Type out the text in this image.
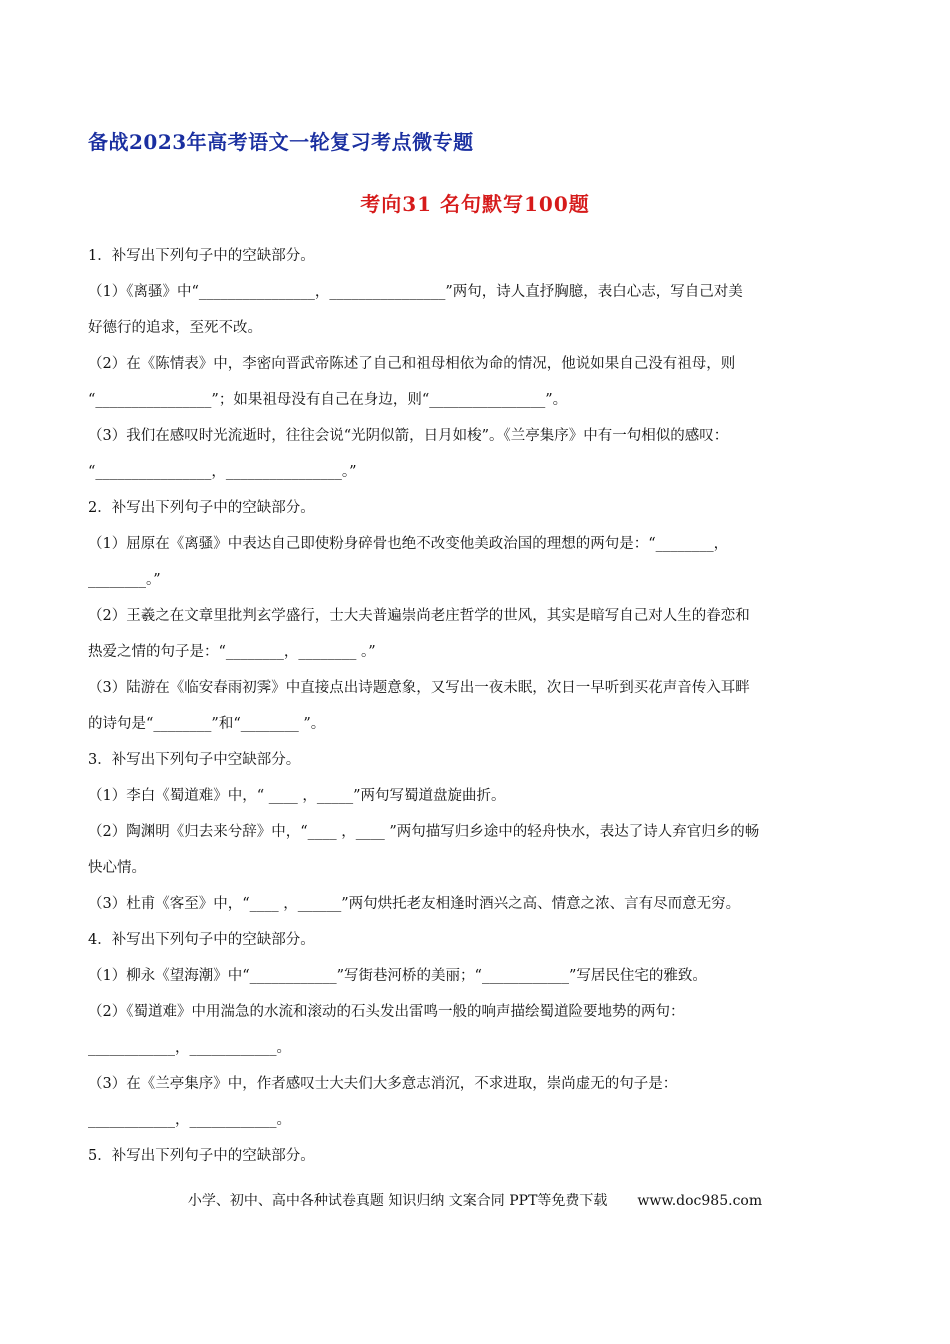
备战2023年高考语文一轮复习考点微专题
考向31 名句默写100题
1．补写出下列句子中的空缺部分。
（1）《离骚》中“________________，________________”两句，诗人直抒胸臆，表白心志，写自己对美
好德行的追求，至死不改。
（2）在《陈情表》中，李密向晋武帝陈述了自己和祖母相依为命的情况，他说如果自己没有祖母，则
“________________”；如果祖母没有自己在身边，则“________________”。
（3）我们在感叹时光流逝时，往往会说“光阴似箭，日月如梭”。《兰亭集序》中有一句相似的感叹：
“________________，________________。”
2．补写出下列句子中的空缺部分。
（1）屈原在《离骚》中表达自己即使粉身碎骨也绝不改变他美政治国的理想的两句是：“________，
________。”
（2）王羲之在文章里批判玄学盛行，士大夫普遍崇尚老庄哲学的世风，其实是暗写自己对人生的眷恋和
热爱之情的句子是：“________，________ 。”
（3）陆游在《临安春雨初霁》中直接点出诗题意象，又写出一夜未眠，次日一早听到买花声音传入耳畔
的诗句是“________”和“________ ”。
3．补写出下列句子中空缺部分。
（1）李白《蜀道难》中，“ ____ ，_____”两句写蜀道盘旋曲折。
（2）陶渊明《归去来兮辞》中，“____ ，____ ”两句描写归乡途中的轻舟快水，表达了诗人弃官归乡的畅
快心情。
（3）杜甫《客至》中，“____ ，______”两句烘托老友相逢时酒兴之高、情意之浓、言有尽而意无穷。
4．补写出下列句子中的空缺部分。
（1）柳永《望海潮》中“____________”写街巷河桥的美丽；“____________”写居民住宅的雅致。
（2）《蜀道难》中用湍急的水流和滚动的石头发出雷鸣一般的响声描绘蜀道险要地势的两句：
____________，____________。
（3）在《兰亭集序》中，作者感叹士大夫们大多意志消沉，不求进取，崇尚虚无的句子是：
____________，____________。
5．补写出下列句子中的空缺部分。
小学、初中、高中各种试卷真题 知识归纳 文案合同 PPT等免费下载 www.doc985.com
